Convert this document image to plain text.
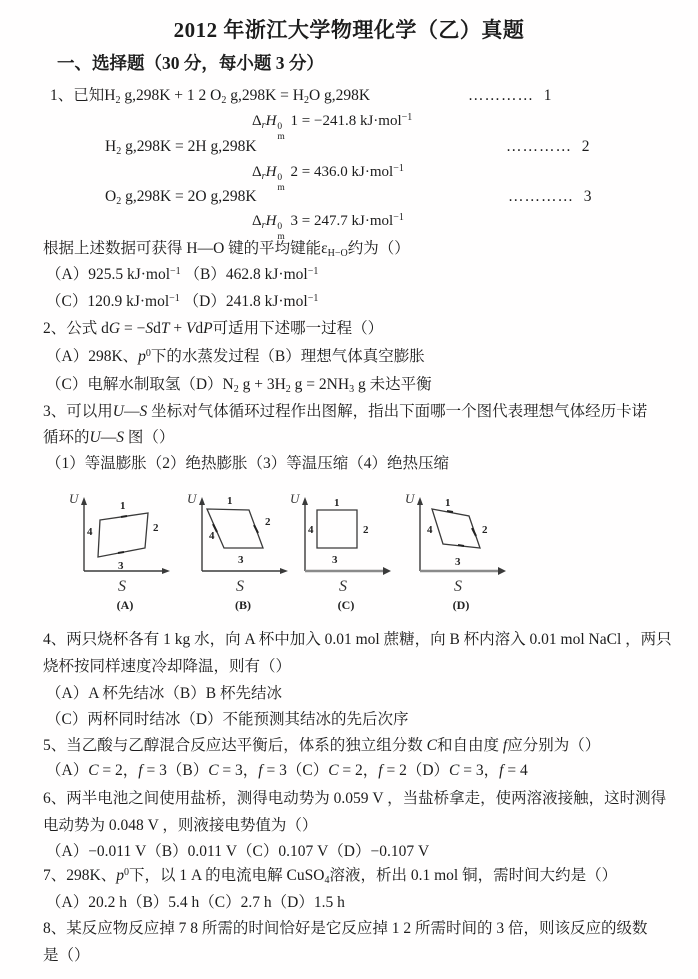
2012 年浙江大学物理化学（乙）真题
一、选择题（30 分，每小题 3 分）
1、已知$H_2$ g,298K + 1 2 $O_2$ $g,298K = H_2O$ g,298K	…………  1
$\Delta_rH$ 0
m
1 = −241.8 kJ·mol$^{-1}$
$H_2$ g,298K = 2H g,298K	…………  2
$\Delta_rH$ 0
m
2 = 436.0 kJ·mol$^{-1}$
$O_2$ g,298K = 2O g,298K	…………  3
$\Delta_rH$ 0
m
3 = 247.7 kJ·mol$^{-1}$
根据上述数据可获得 H—O 键的平均键能$\varepsilon_{H-O}$约为（）
（A）925.5 kJ·mol$^{-1}$ （B）462.8 kJ·mol$^{-1}$
（C）120.9 kJ·mol$^{-1}$ （D）241.8 kJ·mol$^{-1}$
2、公式 dG = −SdT + VdP可适用下述哪一过程（）
（A）298K、$p^0$下的水蒸发过程（B）理想气体真空膨胀
（C）电解水制取氢$(D)N_2$ $g + 3H_2$ $g = 2NH_3$ g 未达平衡
3、可以用U—S 坐标对气体循环过程作出图解，指出下面哪一个图代表理想气体经历卡诺
循环的U—S 图（）
（1）等温膨胀（2）绝热膨胀（3）等温压缩（4）绝热压缩
U
S
1
2
3
4
(A)
U
S
1
2
3
4
(B)
U
S
1
2
3
4
(C)
U
S
1
2
3
4
(D)
4、两只烧杯各有 1 kg 水，向 A 杯中加入 0.01 mol 蔗糖，向 B 杯内溶入 0.01 mol NaCl ，两只
烧杯按同样速度冷却降温，则有（）
（A）A 杯先结冰（B）B 杯先结冰
（C）两杯同时结冰（D）不能预测其结冰的先后次序
5、当乙酸与乙醇混合反应达平衡后，体系的独立组分数 C和自由度 f应分别为（）
（A）C = 2，f = 3（B）C = 3，f = 3（C）C = 2，f = 2（D）C = 3，f = 4
6、两半电池之间使用盐桥，测得电动势为 0.059 V ，当盐桥拿走，使两溶液接触，这时测得
电动势为 0.048 V ，则液接电势值为（）
（A）−0.011 V（B）0.011 V（C）0.107 V（D）−0.107 V
7、298K、$p^0$下，以 1 A 的电流电解 CuSO$_4$溶液，析出 0.1 mol 铜，需时间大约是（）
（A）20.2 h（B）5.4 h（C）2.7 h（D）1.5 h
8、某反应物反应掉 7 8 所需的时间恰好是它反应掉 1 2 所需时间的 3 倍，则该反应的级数
是（）
